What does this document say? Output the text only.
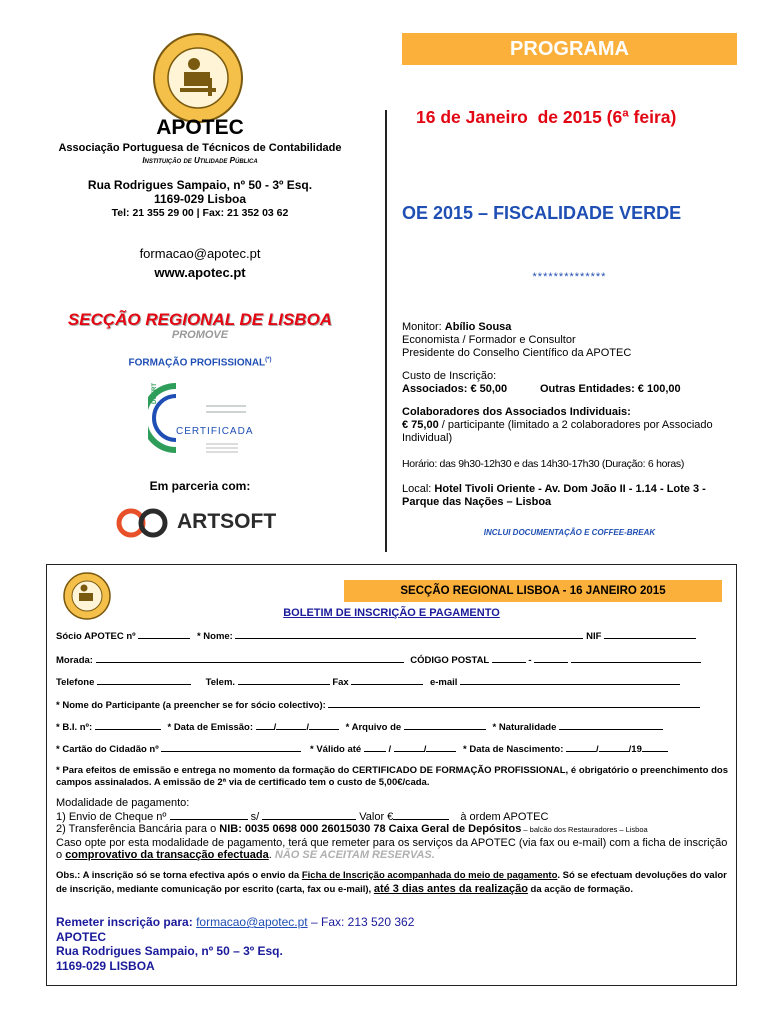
APOTEC
Associação Portuguesa de Técnicos de Contabilidade
Instituição de Utilidade Pública
Rua Rodrigues Sampaio, nº 50 - 3º Esq.
1169-029 Lisboa
Tel: 21 355 29 00 | Fax: 21 352 03 62
formacao@apotec.pt
www.apotec.pt
SECÇÃO REGIONAL DE LISBOA
PROMOVE
FORMAÇÃO PROFISSIONAL(*)
DGERT
CERTIFICADA
Em parceria com:
ARTSOFT
PROGRAMA
16 de Janeiro  de 2015 (6ª feira)
OE 2015 – FISCALIDADE VERDE
**************
Monitor: Abílio Sousa
Economista / Formador e Consultor
Presidente do Conselho Científico da APOTEC
Custo de Inscrição:
Associados: € 50,00	Outras Entidades: € 100,00
Colaboradores dos Associados Individuais:
€ 75,00 / participante (limitado a 2 colaboradores por Associado Individual)
Horário: das 9h30-12h30 e das 14h30-17h30 (Duração: 6 horas)
Local: Hotel Tivoli Oriente - Av. Dom João II - 1.14 - Lote 3 - Parque das Nações – Lisboa
INCLUI DOCUMENTAÇÃO E COFFEE-BREAK
SECÇÃO REGIONAL LISBOA - 16 JANEIRO 2015
BOLETIM DE INSCRIÇÃO E PAGAMENTO
Sócio APOTEC nº	* Nome:	NIF
Morada:	CÓDIGO POSTAL	-
Telefone	Telem.	Fax	e-mail
* Nome do Participante (a preencher se for sócio colectivo):
* B.I. nº:	* Data de Emissão: /	/	* Arquivo de	* Naturalidade
* Cartão do Cidadão nº	* Válido até	/	/	* Data de Nascimento:	/	/19
* Para efeitos de emissão e entrega no momento da formação do CERTIFICADO DE FORMAÇÃO PROFISSIONAL, é obrigatório o preenchimento dos campos assinalados. A emissão de 2ª via de certificado tem o custo de 5,00€/cada.
Modalidade de pagamento:
1) Envio de Cheque nº	s/	Valor €	à ordem APOTEC
2) Transferência Bancária para o NIB: 0035 0698 000 26015030 78 Caixa Geral de Depósitos – balcão dos Restauradores – Lisboa
Caso opte por esta modalidade de pagamento, terá que remeter para os serviços da APOTEC (via fax ou e-mail) com a ficha de inscrição o comprovativo da transacção efectuada. NÃO SE ACEITAM RESERVAS.
Obs.: A inscrição só se torna efectiva após o envio da Ficha de Inscrição acompanhada do meio de pagamento. Só se efectuam devoluções do valor de inscrição, mediante comunicação por escrito (carta, fax ou e-mail), até 3 dias antes da realização da acção de formação.
Remeter inscrição para: formacao@apotec.pt – Fax: 213 520 362
APOTEC
Rua Rodrigues Sampaio, nº 50 – 3º Esq.
1169-029 LISBOA
